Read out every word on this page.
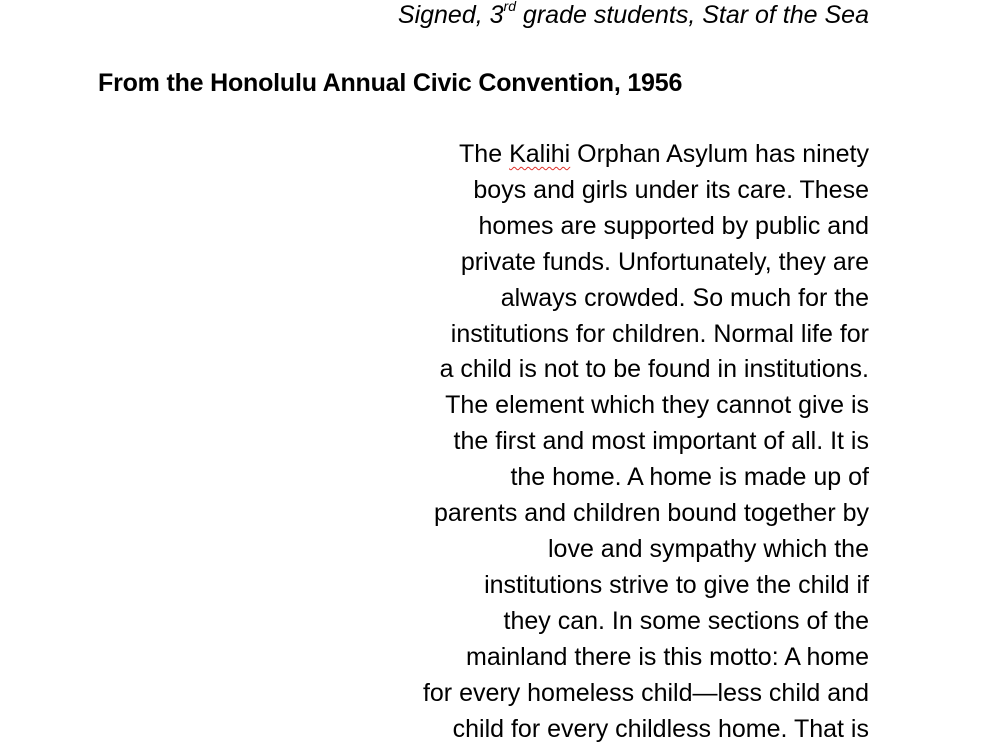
Signed, 3rd grade students, Star of the Sea
From the Honolulu Annual Civic Convention, 1956
The Kalihi Orphan Asylum has ninety
boys and girls under its care. These
homes are supported by public and
private funds. Unfortunately, they are
always crowded. So much for the
institutions for children. Normal life for
a child is not to be found in institutions.
The element which they cannot give is
the first and most important of all. It is
the home. A home is made up of
parents and children bound together by
love and sympathy which the
institutions strive to give the child if
they can. In some sections of the
mainland there is this motto: A home
for every homeless child—less child and
child for every childless home. That is
